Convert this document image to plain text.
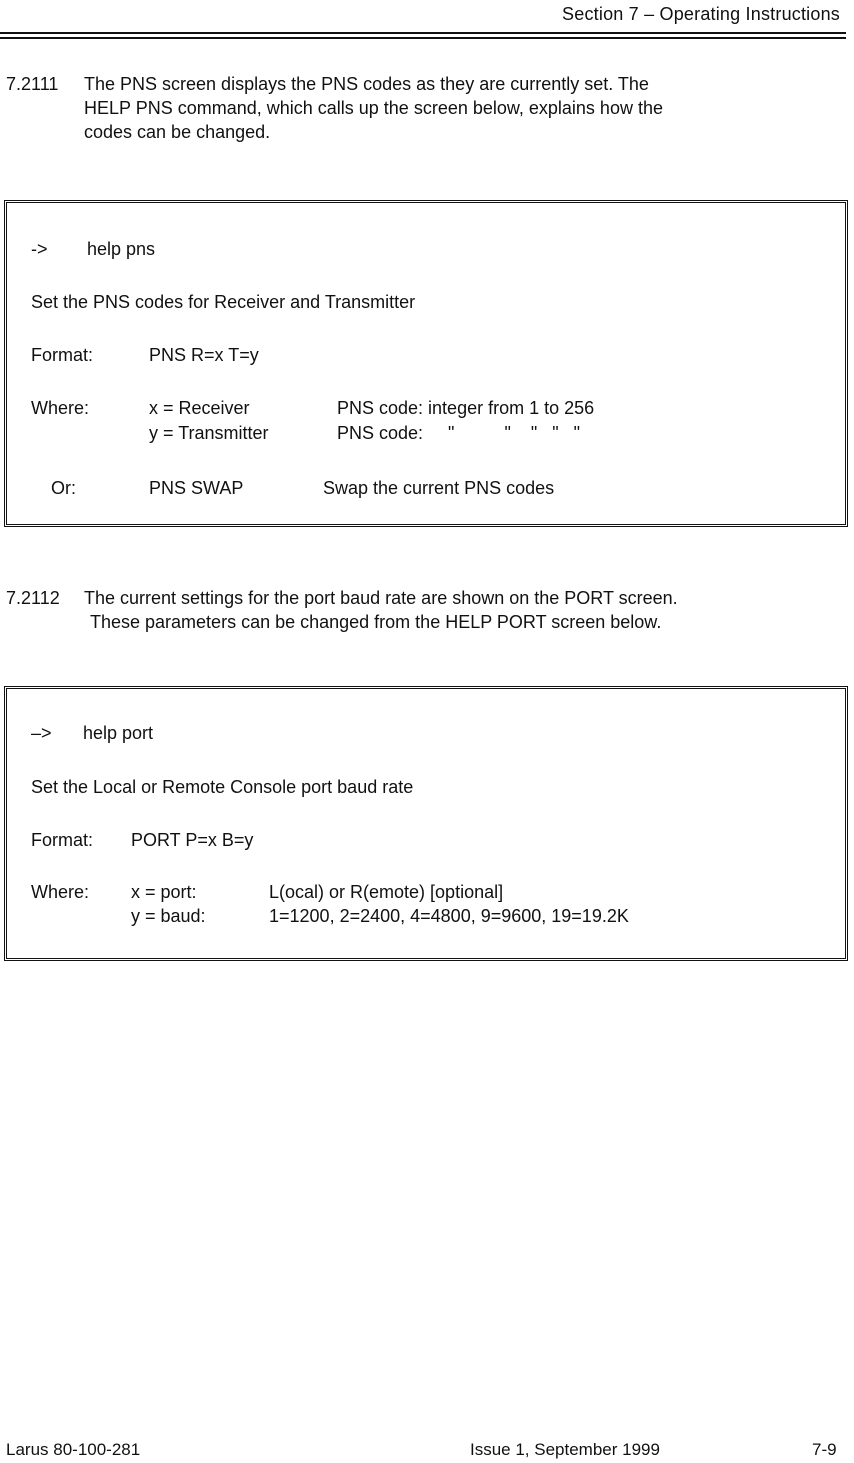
Section 7 – Operating Instructions
7.2111 The PNS screen displays the PNS codes as they are currently set. The
HELP PNS command, which calls up the screen below, explains how the
codes can be changed.
-> help pns
Set the PNS codes for Receiver and Transmitter
Format:	PNS R=x T=y
Where:	x = Receiver	PNS code: integer from 1 to 256
y = Transmitter	PNS code:     "          "    "   "   "
Or:	PNS SWAP	Swap the current PNS codes
7.2112 The current settings for the port baud rate are shown on the PORT screen.
These parameters can be changed from the HELP PORT screen below.
–> help port
Set the Local or Remote Console port baud rate
Format: PORT P=x B=y
Where: x = port:	L(ocal) or R(emote) [optional]
y = baud:	1=1200, 2=2400, 4=4800, 9=9600, 19=19.2K
Larus 80-100-281	Issue 1, September 1999	7-9
